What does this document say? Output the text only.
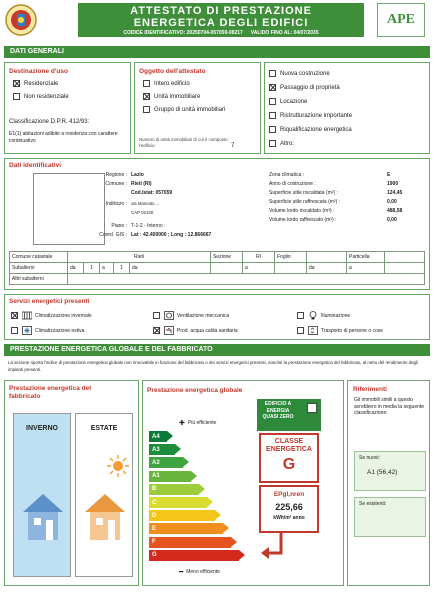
ATTESTATO DI PRESTAZIONE
ENERGETICA DEGLI EDIFICI
CODICE IDENTIFICATIVO: 20250704-057059-08217 VALIDO FINO AL: 04/07/2035
APE
DATI GENERALI
Destinazione d'uso
Residenziale
Non residenziale
Classificazione D.P.R. 412/93:
E1(1) abitazioni adibite a residenza con carattere continuativo
Oggetto dell'attestato
Intero edificio
Unità immobiliare
Gruppo di unità immobiliari
Numero di unità immobiliari di cui è composto l'edificio:	7
Nuova costruzione
Passaggio di proprietà
Locazione
Ristrutturazione importante
Riqualificazione energetica
Altro:
Dati identificativi
Regione : Lazio
Comune : Rieti (RI)
Cod.Istat: 057059
Indirizzo : via Moscato ...
CAP 02100
Piano : T-1-2 - Interno :
Coord. GIS : Lat : 42.400000 ; Long : 12.866667
Zona climatica :	E
Anno di costruzione :	1900
Superficie utile riscaldata (m²) :	124,45
Superficie utile raffrescata (m²) :	0,00
Volume lordo riscaldato (m³) :	488,58
Volume lordo raffrescato (m³) :	0,00
Comune catastale	Rieti					Sezione	RI	Foglio		Particella	
Subalterni	da	1	a	1	da		a		da	a	
Altri subalterni											
Servizi energetici presenti
Climatizzazione invernale	Ventilazione meccanica	Illuminazione
Climatizzazione estiva	Prod. acqua calda sanitaria	Trasporto di persone o cose
PRESTAZIONE ENERGETICA GLOBALE E DEL FABBRICATO
La sezione riporta l'indice di prestazione energetica globale non rinnovabile in funzione del fabbricato e dei servizi energetici presenti, nonché la prestazione energetica del fabbricato, al netto del rendimento degli impianti presenti.
Prestazione energetica del fabbricato
INVERNO	ESTATE
Prestazione energetica globale
✚ Più efficiente
A4
A3
A2
A1
B
C
D
E
F
G
━ Meno efficiente
EDIFICIO A ENERGIA QUASI ZERO
CLASSE ENERGETICA
G
EPgl,nren
225,66
kWh/m² anno
Riferimenti
Gli immobili simili a questo avrebbero in media la seguente classificazione:
Se nuovi:
A1 (56,42)
Se esistenti:
